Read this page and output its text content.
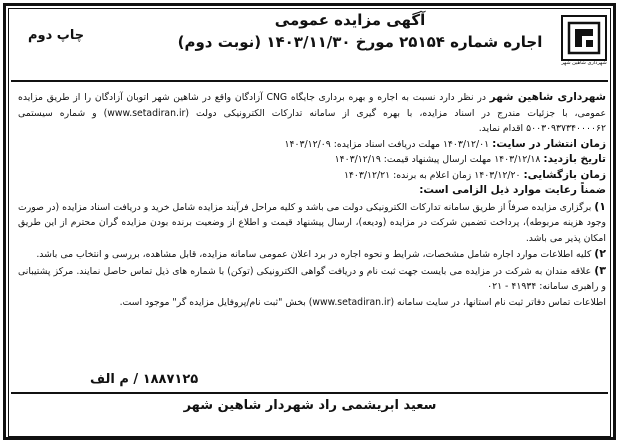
شهرداری شاهین شهر
آگهی مزایده عمومی
اجاره شماره ۲۵۱۵۴ مورخ ۱۴۰۳/۱۱/۳۰ (نوبت دوم)
چاپ دوم

شهرداری شاهین شهر در نظر دارد نسبت به اجاره و بهره برداری جایگاه CNG آزادگان واقع در شاهین شهر اتوبان آزادگان را از طریق مزایده عمومی، با جزئیات مندرج در اسناد مزایده، با بهره گیری از سامانه تدارکات الکترونیکی دولت (www.setadiran.ir) و شماره سیستمی ۵۰۰۳۰۹۳۷۳۴۰۰۰۰۶۲ اقدام نماید.

زمان انتشار در سایت: ۱۴۰۳/۱۲/۰۱ مهلت دریافت اسناد مزایده: ۱۴۰۳/۱۲/۰۹

تاریخ بازدید: ۱۴۰۳/۱۲/۱۸ مهلت ارسال پیشنهاد قیمت: ۱۴۰۳/۱۲/۱۹

زمان بازگشایی: ۱۴۰۳/۱۲/۲۰ زمان اعلام به برنده: ۱۴۰۳/۱۲/۲۱

ضمناً رعایت موارد ذیل الزامی است:

۱) برگزاری مزایده صرفاً از طریق سامانه تدارکات الکترونیکی دولت می باشد و کلیه مراحل فرآیند مزایده شامل خرید و دریافت اسناد مزایده (در صورت وجود هزینه مربوطه)، پرداخت تضمین شرکت در مزایده (ودیعه)، ارسال پیشنهاد قیمت و اطلاع از وضعیت برنده بودن مزایده گران محترم از این طریق امکان پذیر می باشد.

۲) کلیه اطلاعات موارد اجاره شامل مشخصات، شرایط و نحوه اجاره در برد اعلان عمومی سامانه مزایده، قابل مشاهده، بررسی و انتخاب می باشد.

۳) علاقه مندان به شرکت در مزایده می بایست جهت ثبت نام و دریافت گواهی الکترونیکی (توکن) با شماره های ذیل تماس حاصل نمایند. مرکز پشتیبانی و راهبری سامانه: ۴۱۹۳۴ - ۰۲۱

اطلاعات تماس دفاتر ثبت نام استانها، در سایت سامانه (www.setadiran.ir) بخش "ثبت نام/پروفایل مزایده گر" موجود است.

۱۸۸۷۱۲۵ / م الف
سعید ابریشمی راد شهردار شاهین شهر
